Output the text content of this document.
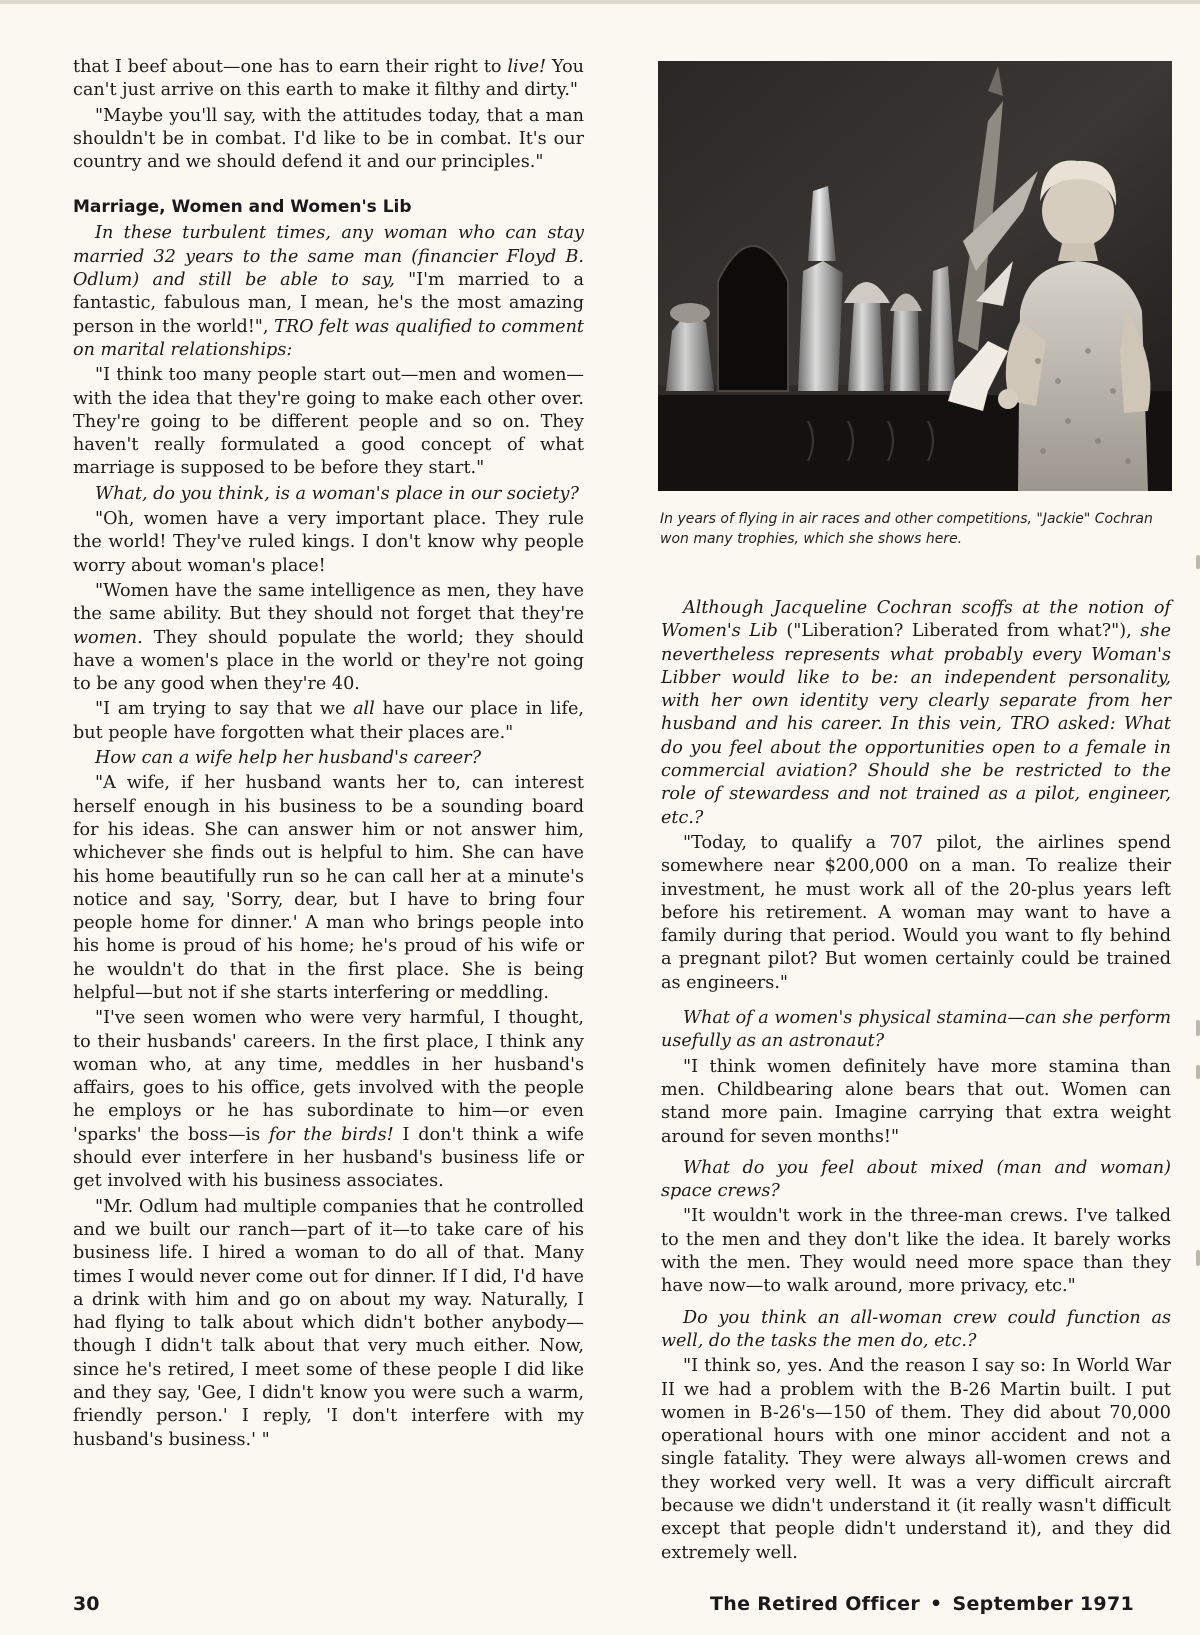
that I beef about—one has to earn their right to live! You can't just arrive on this earth to make it filthy and dirty."

"Maybe you'll say, with the attitudes today, that a man shouldn't be in combat. I'd like to be in combat. It's our country and we should defend it and our principles."

Marriage, Women and Women's Lib

In these turbulent times, any woman who can stay married 32 years to the same man (financier Floyd B. Odlum) and still be able to say, "I'm married to a fantastic, fabulous man, I mean, he's the most amazing person in the world!", TRO felt was qualified to comment on marital relationships:

"I think too many people start out—men and women—with the idea that they're going to make each other over. They're going to be different people and so on. They haven't really formulated a good concept of what marriage is supposed to be before they start."

What, do you think, is a woman's place in our society?

"Oh, women have a very important place. They rule the world! They've ruled kings. I don't know why people worry about woman's place!

"Women have the same intelligence as men, they have the same ability. But they should not forget that they're women. They should populate the world; they should have a women's place in the world or they're not going to be any good when they're 40.

"I am trying to say that we all have our place in life, but people have forgotten what their places are."

How can a wife help her husband's career?

"A wife, if her husband wants her to, can interest herself enough in his business to be a sounding board for his ideas. She can answer him or not answer him, whichever she finds out is helpful to him. She can have his home beautifully run so he can call her at a minute's notice and say, 'Sorry, dear, but I have to bring four people home for dinner.' A man who brings people into his home is proud of his home; he's proud of his wife or he wouldn't do that in the first place. She is being helpful—but not if she starts interfering or meddling.

"I've seen women who were very harmful, I thought, to their husbands' careers. In the first place, I think any woman who, at any time, meddles in her husband's affairs, goes to his office, gets involved with the people he employs or he has subordinate to him—or even 'sparks' the boss—is for the birds! I don't think a wife should ever interfere in her husband's business life or get involved with his business associates.

"Mr. Odlum had multiple companies that he controlled and we built our ranch—part of it—to take care of his business life. I hired a woman to do all of that. Many times I would never come out for dinner. If I did, I'd have a drink with him and go on about my way. Naturally, I had flying to talk about which didn't bother anybody—though I didn't talk about that very much either. Now, since he's retired, I meet some of these people I did like and they say, 'Gee, I didn't know you were such a warm, friendly person.' I reply, 'I don't interfere with my husband's business.' "

In years of flying in air races and other competitions, "Jackie" Cochran won many trophies, which she shows here.

Although Jacqueline Cochran scoffs at the notion of Women's Lib ("Liberation? Liberated from what?"), she nevertheless represents what probably every Woman's Libber would like to be: an independent personality, with her own identity very clearly separate from her husband and his career. In this vein, TRO asked: What do you feel about the opportunities open to a female in commercial aviation? Should she be restricted to the role of stewardess and not trained as a pilot, engineer, etc.?

"Today, to qualify a 707 pilot, the airlines spend somewhere near $200,000 on a man. To realize their investment, he must work all of the 20-plus years left before his retirement. A woman may want to have a family during that period. Would you want to fly behind a pregnant pilot? But women certainly could be trained as engineers."

What of a women's physical stamina—can she perform usefully as an astronaut?

"I think women definitely have more stamina than men. Childbearing alone bears that out. Women can stand more pain. Imagine carrying that extra weight around for seven months!"

What do you feel about mixed (man and woman) space crews?

"It wouldn't work in the three-man crews. I've talked to the men and they don't like the idea. It barely works with the men. They would need more space than they have now—to walk around, more privacy, etc."

Do you think an all-woman crew could function as well, do the tasks the men do, etc.?

"I think so, yes. And the reason I say so: In World War II we had a problem with the B-26 Martin built. I put women in B-26's—150 of them. They did about 70,000 operational hours with one minor accident and not a single fatality. They were always all-women crews and they worked very well. It was a very difficult aircraft because we didn't understand it (it really wasn't difficult except that people didn't understand it), and they did extremely well.

30	The Retired Officer • September 1971
